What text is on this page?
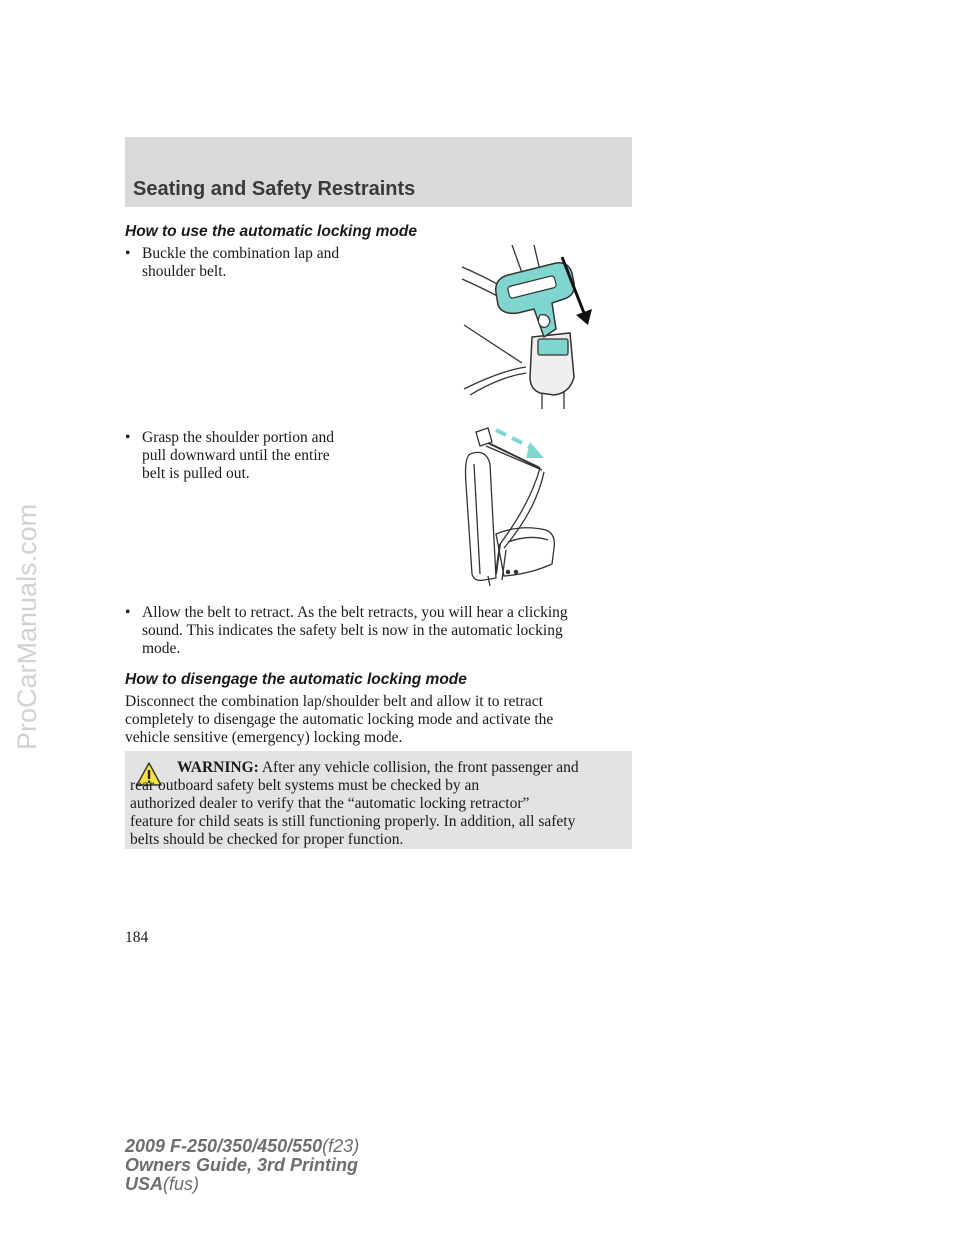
ProCarManuals.com
Seating and Safety Restraints
How to use the automatic locking mode
• Buckle the combination lap and
shoulder belt.
• Grasp the shoulder portion and
pull downward until the entire
belt is pulled out.
• Allow the belt to retract. As the belt retracts, you will hear a clicking
sound. This indicates the safety belt is now in the automatic locking
mode.
How to disengage the automatic locking mode
Disconnect the combination lap/shoulder belt and allow it to retract
completely to disengage the automatic locking mode and activate the
vehicle sensitive (emergency) locking mode.

WARNING: After any vehicle collision, the front passenger and
rear outboard safety belt systems must be checked by an
authorized dealer to verify that the “automatic locking retractor”
feature for child seats is still functioning properly. In addition, all safety
belts should be checked for proper function.

184
2009 F-250/350/450/550(f23)
Owners Guide, 3rd Printing
USA(fus)
